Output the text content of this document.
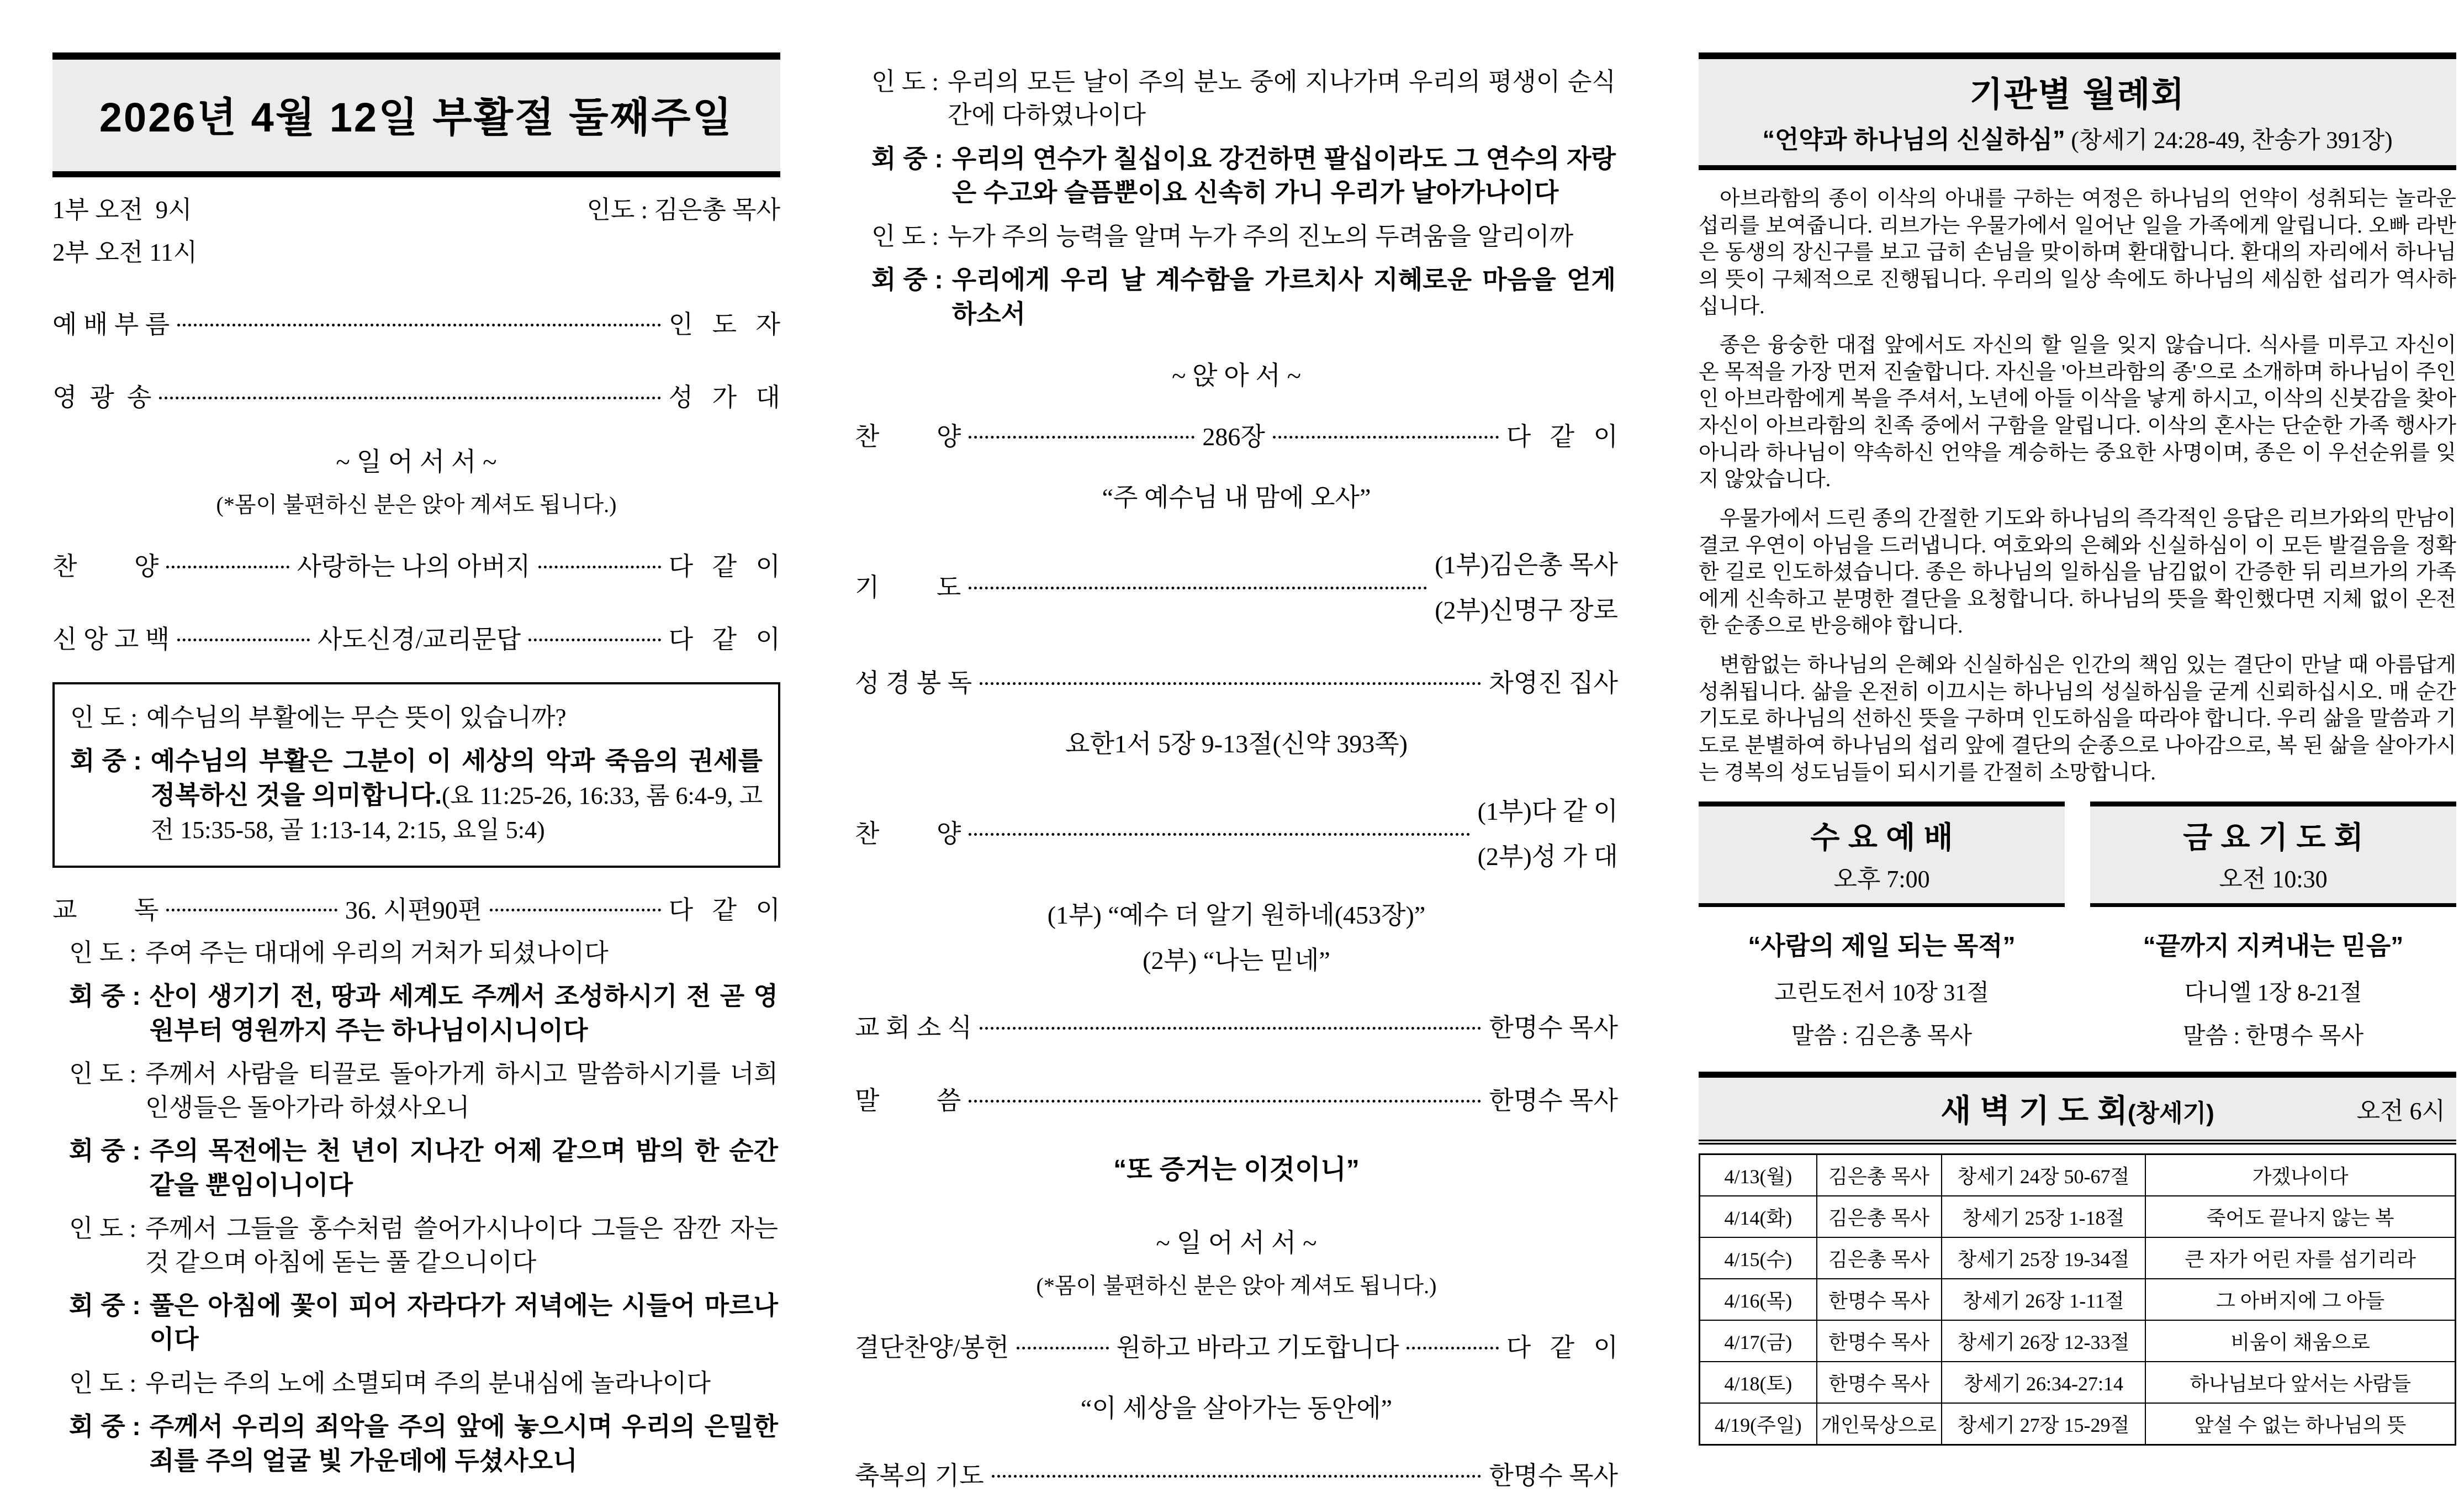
2026년 4월 12일 부활절 둘째주일
1부 오전  9시	인도 : 김은총 목사
2부 오전 11시
예 배 부 름	인   도   자
영  광  송	성   가   대
~ 일 어 서 서 ~
(*몸이 불편하신 분은 앉아 계셔도 됩니다.)
찬         양	사랑하는 나의 아버지	다   같   이
신 앙 고 백	사도신경/교리문답	다   같   이
인 도 : 예수님의 부활에는 무슨 뜻이 있습니까?
회 중 : 예수님의 부활은 그분이 이 세상의 악과 죽음의 권세를 정복하신 것을 의미합니다.(요 11:25-26, 16:33, 롬 6:4-9, 고전 15:35-58, 골 1:13-14, 2:15, 요일 5:4)
교         독	36. 시편90편	다   같   이
인 도 : 주여 주는 대대에 우리의 거처가 되셨나이다
회 중 : 산이 생기기 전, 땅과 세계도 주께서 조성하시기 전 곧 영원부터 영원까지 주는 하나님이시니이다
인 도 : 주께서 사람을 티끌로 돌아가게 하시고 말씀하시기를 너희 인생들은 돌아가라 하셨사오니
회 중 : 주의 목전에는 천 년이 지나간 어제 같으며 밤의 한 순간 같을 뿐임이니이다
인 도 : 주께서 그들을 홍수처럼 쓸어가시나이다 그들은 잠깐 자는 것 같으며 아침에 돋는 풀 같으니이다
회 중 : 풀은 아침에 꽃이 피어 자라다가 저녁에는 시들어 마르나이다
인 도 : 우리는 주의 노에 소멸되며 주의 분내심에 놀라나이다
회 중 : 주께서 우리의 죄악을 주의 앞에 놓으시며 우리의 은밀한 죄를 주의 얼굴 빛 가운데에 두셨사오니
인 도 : 우리의 모든 날이 주의 분노 중에 지나가며 우리의 평생이 순식간에 다하였나이다
회 중 : 우리의 연수가 칠십이요 강건하면 팔십이라도 그 연수의 자랑은 수고와 슬픔뿐이요 신속히 가니 우리가 날아가나이다
인 도 : 누가 주의 능력을 알며 누가 주의 진노의 두려움을 알리이까
회 중 : 우리에게 우리 날 계수함을 가르치사 지혜로운 마음을 얻게 하소서
~ 앉 아 서 ~
찬         양	286장	다   같   이
“주 예수님 내 맘에 오사”
기         도
(1부)김은총 목사
(2부)신명구 장로
성 경 봉 독	차영진 집사
요한1서 5장 9-13절(신약 393쪽)
찬         양
(1부)다 같 이
(2부)성 가 대
(1부) “예수 더 알기 원하네(453장)”
(2부) “나는 믿네”
교 회 소 식	한명수 목사
말         씀	한명수 목사
“또 증거는 이것이니”
~ 일 어 서 서 ~
(*몸이 불편하신 분은 앉아 계셔도 됩니다.)
결단찬양/봉헌	원하고 바라고 기도합니다	다   같   이
“이 세상을 살아가는 동안에”
축복의 기도	한명수 목사
기관별 월례회
“언약과 하나님의 신실하심” (창세기 24:28-49, 찬송가 391장)

아브라함의 종이 이삭의 아내를 구하는 여정은 하나님의 언약이 성취되는 놀라운 섭리를 보여줍니다. 리브가는 우물가에서 일어난 일을 가족에게 알립니다. 오빠 라반은 동생의 장신구를 보고 급히 손님을 맞이하며 환대합니다. 환대의 자리에서 하나님의 뜻이 구체적으로 진행됩니다. 우리의 일상 속에도 하나님의 세심한 섭리가 역사하십니다.

종은 융숭한 대접 앞에서도 자신의 할 일을 잊지 않습니다. 식사를 미루고 자신이 온 목적을 가장 먼저 진술합니다. 자신을 '아브라함의 종'으로 소개하며 하나님이 주인인 아브라함에게 복을 주셔서, 노년에 아들 이삭을 낳게 하시고, 이삭의 신붓감을 찾아 자신이 아브라함의 친족 중에서 구함을 알립니다. 이삭의 혼사는 단순한 가족 행사가 아니라 하나님이 약속하신 언약을 계승하는 중요한 사명이며, 종은 이 우선순위를 잊지 않았습니다.

우물가에서 드린 종의 간절한 기도와 하나님의 즉각적인 응답은 리브가와의 만남이 결코 우연이 아님을 드러냅니다. 여호와의 은혜와 신실하심이 이 모든 발걸음을 정확한 길로 인도하셨습니다. 종은 하나님의 일하심을 남김없이 간증한 뒤 리브가의 가족에게 신속하고 분명한 결단을 요청합니다. 하나님의 뜻을 확인했다면 지체 없이 온전한 순종으로 반응해야 합니다.

변함없는 하나님의 은혜와 신실하심은 인간의 책임 있는 결단이 만날 때 아름답게 성취됩니다. 삶을 온전히 이끄시는 하나님의 성실하심을 굳게 신뢰하십시오. 매 순간 기도로 하나님의 선하신 뜻을 구하며 인도하심을 따라야 합니다. 우리 삶을 말씀과 기도로 분별하여 하나님의 섭리 앞에 결단의 순종으로 나아감으로, 복 된 삶을 살아가시는 경복의 성도님들이 되시기를 간절히 소망합니다.

수 요 예 배
오후 7:00
“사람의 제일 되는 목적”
고린도전서 10장 31절
말씀 : 김은총 목사
금 요 기 도 회
오전 10:30
“끝까지 지켜내는 믿음”
다니엘 1장 8-21절
말씀 : 한명수 목사
새 벽 기 도 회(창세기)	오전 6시
4/13(월)	김은총 목사	창세기 24장 50-67절	가겠나이다
4/14(화)	김은총 목사	창세기 25장 1-18절	죽어도 끝나지 않는 복
4/15(수)	김은총 목사	창세기 25장 19-34절	큰 자가 어린 자를 섬기리라
4/16(목)	한명수 목사	창세기 26장 1-11절	그 아버지에 그 아들
4/17(금)	한명수 목사	창세기 26장 12-33절	비움이 채움으로
4/18(토)	한명수 목사	창세기 26:34-27:14	하나님보다 앞서는 사람들
4/19(주일)	개인묵상으로	창세기 27장 15-29절	앞설 수 없는 하나님의 뜻
